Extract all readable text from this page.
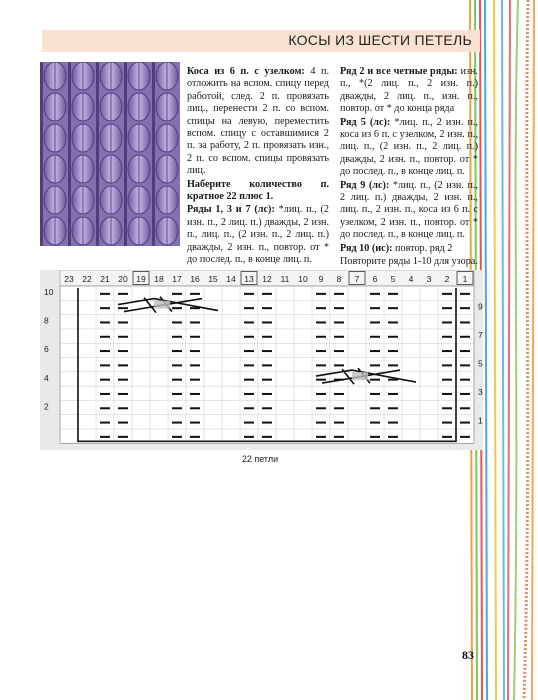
КОСЫ ИЗ ШЕСТИ ПЕТЕЛЬ

Коса из 6 п. с узелком: 4 п. отложить на вспом. спицу перед работой, след. 2 п. провязать лиц., перенести 2 п. со вспом. спицы на левую, переместить вспом. спицу с оставшимися 2 п. за работу, 2 п. провязать изн., 2 п. со вспом. спицы провязать лиц.

Наберите количество п. кратное 22 плюс 1.

Ряды 1, 3 и 7 (лс): *лиц. п., (2 изн. п., 2 лиц. п.) дважды, 2 изн. п., лиц. п., (2 изн. п., 2 лиц. п.) дважды, 2 изн. п., повтор. от * до послед. п., в конце лиц. п.

Ряд 2 и все четные ряды: изн. п., *(2 лиц. п., 2 изн. п.) дважды, 2 лиц. п., изн. п., повтор. от * до конца ряда

Ряд 5 (лс): *лиц. п., 2 изн. п., коса из 6 п. с узелком, 2 изн. п., лиц. п., (2 изн. п., 2 лиц. п.) дважды, 2 изн. п., повтор. от * до послед. п., в конце лиц. п.

Ряд 9 (лс): *лиц. п., (2 изн. п., 2 лиц. п.) дважды, 2 изн. п., лиц. п., 2 изн. п., коса из 6 п. с узелком, 2 изн. п., повтор. от * до послед. п., в конце лиц. п.

Ряд 10 (ис): повтор. ряд 2

Повторите ряды 1-10 для узора.

23 22 21 20 19 18 17 16 15 14 13 12 11 10 9 8 7 6 5 4 3 2 1
10
8
6
4
2
9
7
5
3
1
22 петли
83
